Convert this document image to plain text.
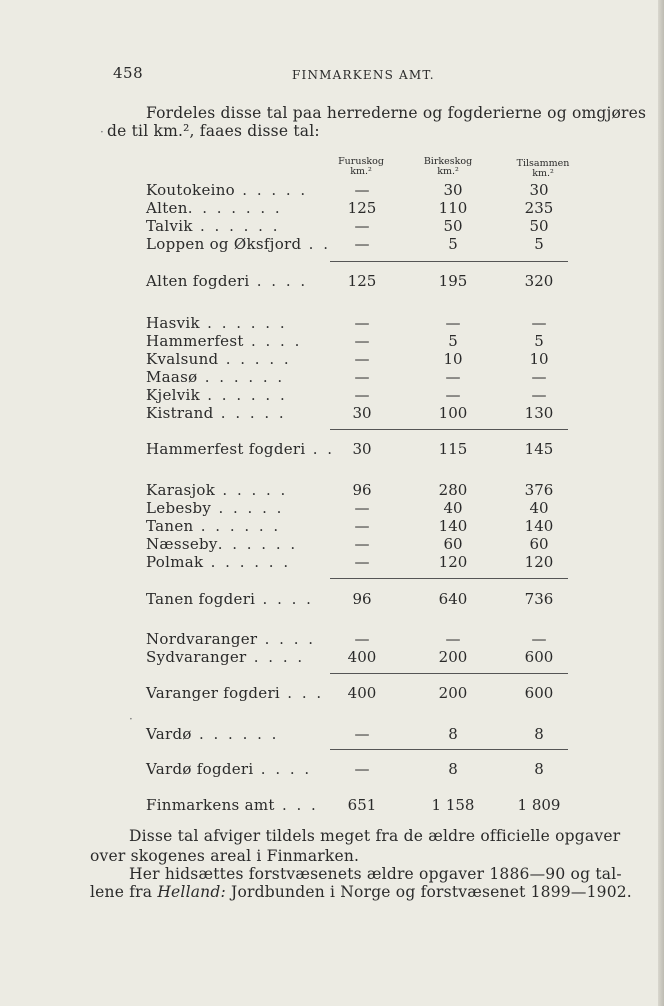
458	FINMARKENS AMT.
Fordeles disse tal paa herrederne og fogderierne og omgjøres
de til km.², faaes disse tal:
Furuskog
km.²
Birkeskog
km.²
Tilsammen
km.²
Koutokeino . . . . .	—	30	30
Alten. . . . . . .	125	110	235
Talvik . . . . . .	—	50	50
Loppen og Øksfjord . .	—	5	5
Alten fogderi . . . .	125	195	320
Hasvik . . . . . .	—	—	—
Hammerfest . . . .	—	5	5
Kvalsund . . . . .	—	10	10
Maasø . . . . . .	—	—	—
Kjelvik . . . . . .	—	—	—
Kistrand . . . . .	30	100	130
Hammerfest fogderi . .	30	115	145
Karasjok . . . . .	96	280	376
Lebesby . . . . .	—	40	40
Tanen . . . . . .	—	140	140
Næsseby. . . . . .	—	60	60
Polmak . . . . . .	—	120	120
Tanen fogderi . . . .	96	640	736
Nordvaranger . . . .	—	—	—
Sydvaranger . . . .	400	200	600
Varanger fogderi . . .	400	200	600
Vardø . . . . . .	—	8	8
Vardø fogderi . . . .	—	8	8
Finmarkens amt . . .	651	1 158	1 809
Disse tal afviger tildels meget fra de ældre officielle opgaver
over skogenes areal i Finmarken.
Her hidsættes forstvæsenets ældre opgaver 1886—90 og tal-
lene fra Helland: Jordbunden i Norge og forstvæsenet 1899—1902.
·
·
